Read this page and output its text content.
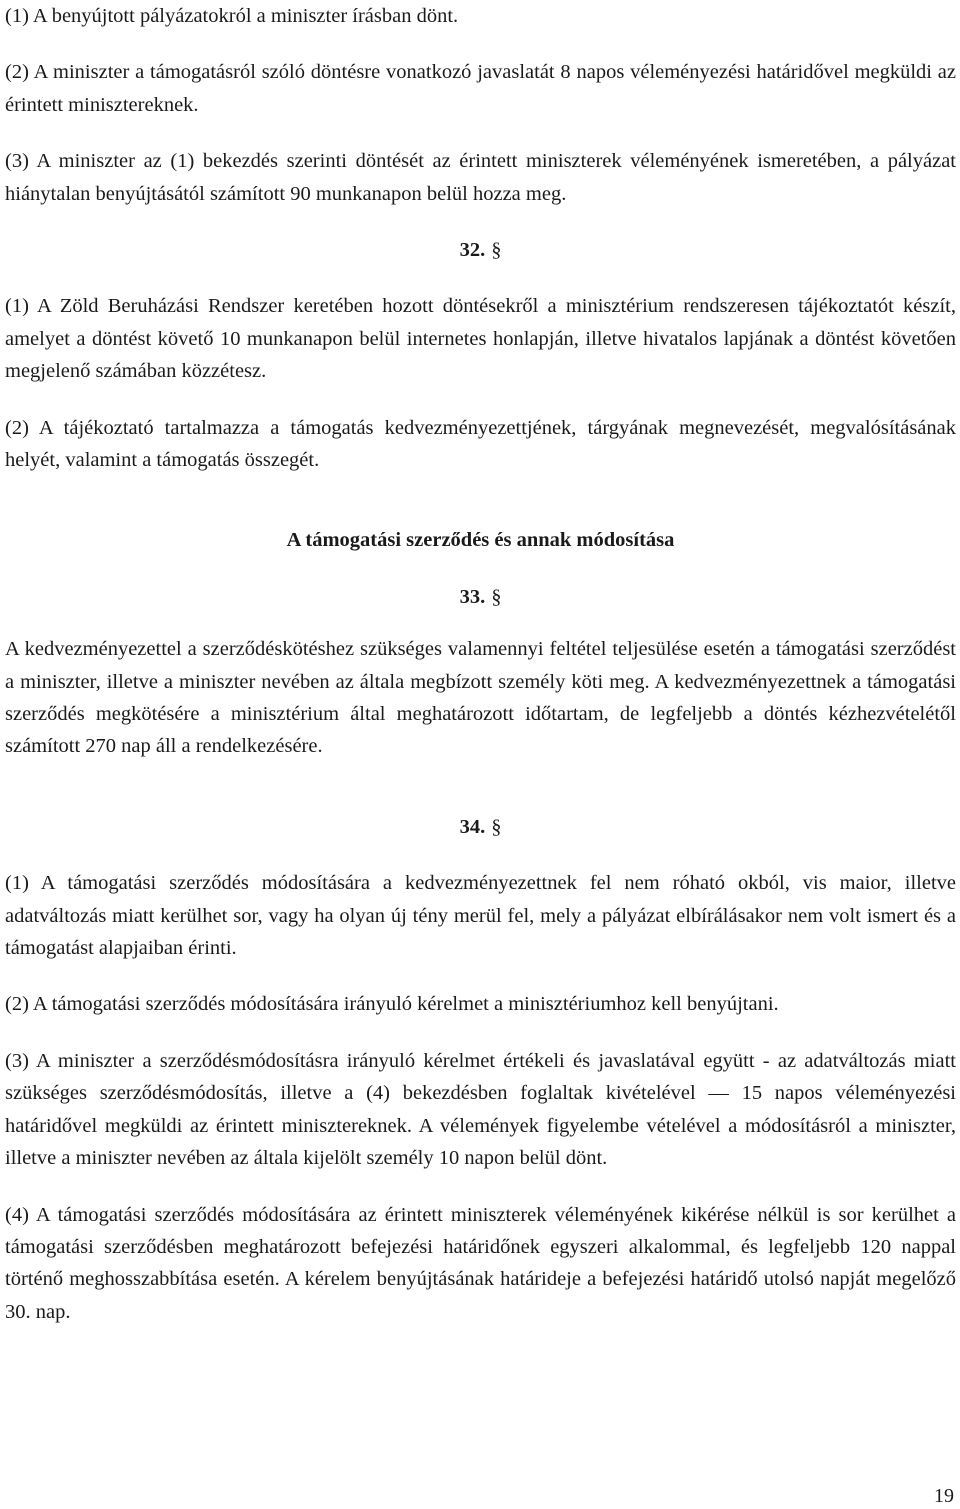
(1) A benyújtott pályázatokról a miniszter írásban dönt.

(2) A miniszter a támogatásról szóló döntésre vonatkozó javaslatát 8 napos véleményezési határidővel megküldi az érintett minisztereknek.

(3) A miniszter az (1) bekezdés szerinti döntését az érintett miniszterek véleményének ismeretében, a pályázat hiánytalan benyújtásától számított 90 munkanapon belül hozza meg.

32. §

(1) A Zöld Beruházási Rendszer keretében hozott döntésekről a minisztérium rendszeresen tájékoztatót készít, amelyet a döntést követő 10 munkanapon belül internetes honlapján, illetve hivatalos lapjának a döntést követően megjelenő számában közzétesz.

(2) A tájékoztató tartalmazza a támogatás kedvezményezettjének, tárgyának megnevezését, megvalósításának helyét, valamint a támogatás összegét.

A támogatási szerződés és annak módosítása

33. §

A kedvezményezettel a szerződéskötéshez szükséges valamennyi feltétel teljesülése esetén a támogatási szerződést a miniszter, illetve a miniszter nevében az általa megbízott személy köti meg. A kedvezményezettnek a támogatási szerződés megkötésére a minisztérium által meghatározott időtartam, de legfeljebb a döntés kézhezvételétől számított 270 nap áll a rendelkezésére.

34. §

(1) A támogatási szerződés módosítására a kedvezményezettnek fel nem róható okból, vis maior, illetve adatváltozás miatt kerülhet sor, vagy ha olyan új tény merül fel, mely a pályázat elbírálásakor nem volt ismert és a támogatást alapjaiban érinti.

(2) A támogatási szerződés módosítására irányuló kérelmet a minisztériumhoz kell benyújtani.

(3) A miniszter a szerződésmódosításra irányuló kérelmet értékeli és javaslatával együtt - az adatváltozás miatt szükséges szerződésmódosítás, illetve a (4) bekezdésben foglaltak kivételével — 15 napos véleményezési határidővel megküldi az érintett minisztereknek. A vélemények figyelembe vételével a módosításról a miniszter, illetve a miniszter nevében az általa kijelölt személy 10 napon belül dönt.

(4) A támogatási szerződés módosítására az érintett miniszterek véleményének kikérése nélkül is sor kerülhet a támogatási szerződésben meghatározott befejezési határidőnek egyszeri alkalommal, és legfeljebb 120 nappal történő meghosszabbítása esetén. A kérelem benyújtásának határideje a befejezési határidő utolsó napját megelőző 30. nap.

19
